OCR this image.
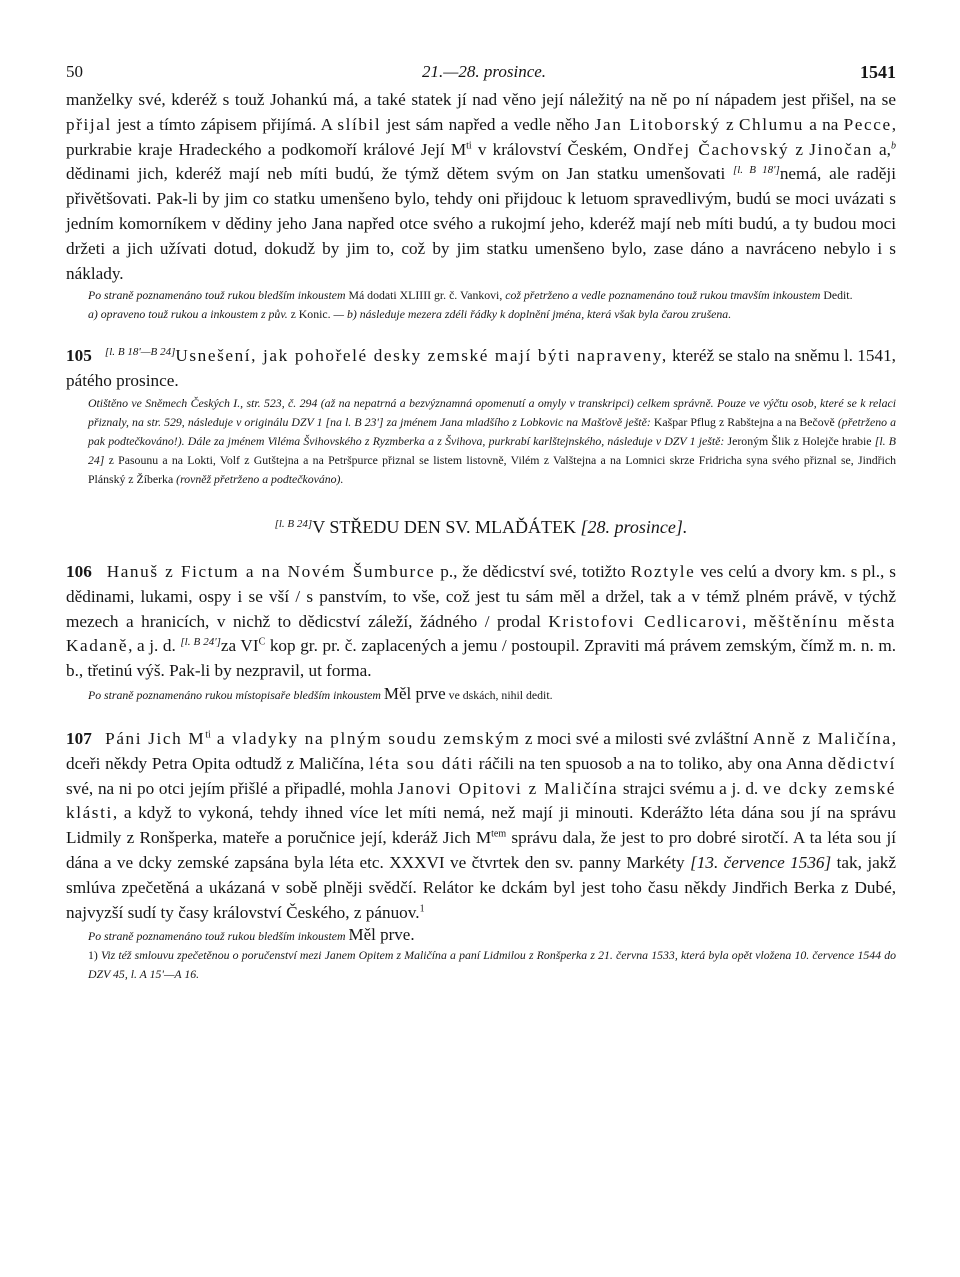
50	21.—28. prosince.	1541

manželky své, kderéž s touž Johankú má, a také statek jí nad věno její náležitý na ně po ní nápadem jest přišel, na se přijal jest a tímto zápisem přijímá. A slíbil jest sám napřed a vedle něho Jan Litoborský z Chlumu a na Pecce, purkrabie kraje Hradeckého a podkomoří králové Její $M^{ti}$ v království Českém, Ondřej Čachovský z Jinočan a,$^b$ dědinami jich, kderéž mají neb míti budú, že týmž dětem svým on Jan statku umenšovati [l. B 18']nemá, ale raději přivětšovati. Pak-li by jim co statku umenšeno bylo, tehdy oni přijdouc k letuom spravedlivým, budú se moci uvázati s jedním komorníkem v dědiny jeho Jana napřed otce svého a rukojmí jeho, kderéž mají neb míti budú, a ty budou moci držeti a jich užívati dotud, dokudž by jim to, což by jim statku umenšeno bylo, zase dáno a navráceno nebylo i s náklady.

Po straně poznamenáno touž rukou bledším inkoustem Má dodati XLIIII gr. č. Vankovi, což přetrženo a vedle poznamenáno touž rukou tmavším inkoustem Dedit.

a) opraveno touž rukou a inkoustem z pův. z Konic. — b) následuje mezera zdéli řádky k doplnění jména, která však byla čarou zrušena.

105 [l. B 18'—B 24]Usnešení, jak pohořelé desky zemské mají býti napraveny, kteréž se stalo na sněmu l. 1541, pátého prosince.

Otištěno ve Sněmech Českých I., str. 523, č. 294 (až na nepatrná a bezvýznamná opomenutí a omyly v transkripci) celkem správně. Pouze ve výčtu osob, které se k relaci přiznaly, na str. 529, následuje v originálu DZV 1 [na l. B 23'] za jménem Jana mladšího z Lobkovic na Mašťově ještě: Kašpar Pflug z Rabštejna a na Bečově (přetrženo a pak podtečkováno!). Dále za jménem Viléma Švihovského z Ryzmberka a z Švihova, purkrabí karlštejnského, následuje v DZV 1 ještě: Jeroným Šlik z Holejče hrabie [l. B 24] z Pasounu a na Lokti, Volf z Gutštejna a na Petršpurce přiznal se listem listovně, Vilém z Valštejna a na Lomnici skrze Fridricha syna svého přiznal se, Jindřich Plánský z Žíberka (rovněž přetrženo a podtečkováno).

[l. B 24]V STŘEDU DEN SV. MLAĎÁTEK [28. prosince].

106 Hanuš z Fictum a na Novém Šumburce p., že dědicství své, totižto Roztyle ves celú a dvory km. s pl., s dědinami, lukami, ospy i se vší / s panstvím, to vše, což jest tu sám měl a držel, tak a v témž plném právě, v týchž mezech a hranicích, v nichž to dědicství záleží, žádného / prodal Kristofovi Cedlicarovi, měštěnínu města Kadaně, a j. d. [l. B 24']za $VI^C$ kop gr. pr. č. zaplacených a jemu / postoupil. Zpraviti má právem zemským, čímž m. n. m. b., třetinú výš. Pak-li by nezpravil, ut forma.

Po straně poznamenáno rukou místopisaře bledším inkoustem Měl prve ve dskách, nihil dedit.

107 Páni Jich $M^{ti}$ a vladyky na plným soudu zemským z moci své a milosti své zvláštní Anně z Maličína, dceři někdy Petra Opita odtudž z Maličína, léta sou dáti ráčili na ten spuosob a na to toliko, aby ona Anna dědictví své, na ni po otci jejím přišlé a připadlé, mohla Janovi Opitovi z Maličína strajci svému a j. d. ve dcky zemské klásti, a když to vykoná, tehdy ihned více let míti nemá, než mají ji minouti. Kderážto léta dána sou jí na správu Lidmily z Ronšperka, mateře a poručnice její, kderáž Jich $M^{tem}$ správu dala, že jest to pro dobré sirotčí. A ta léta sou jí dána a ve dcky zemské zapsána byla léta etc. XXXVI ve čtvrtek den sv. panny Markéty [13. července 1536] tak, jakž smlúva zpečetěná a ukázaná v sobě plněji svědčí. Relátor ke dckám byl jest toho času někdy Jindřich Berka z Dubé, najvyzší sudí ty časy království Českého, z pánuov.$^1$

Po straně poznamenáno touž rukou bledším inkoustem Měl prve.

1) Viz též smlouvu zpečetěnou o poručenství mezi Janem Opitem z Maličína a paní Lidmilou z Ronšperka z 21. června 1533, která byla opět vložena 10. července 1544 do DZV 45, l. A 15'—A 16.
